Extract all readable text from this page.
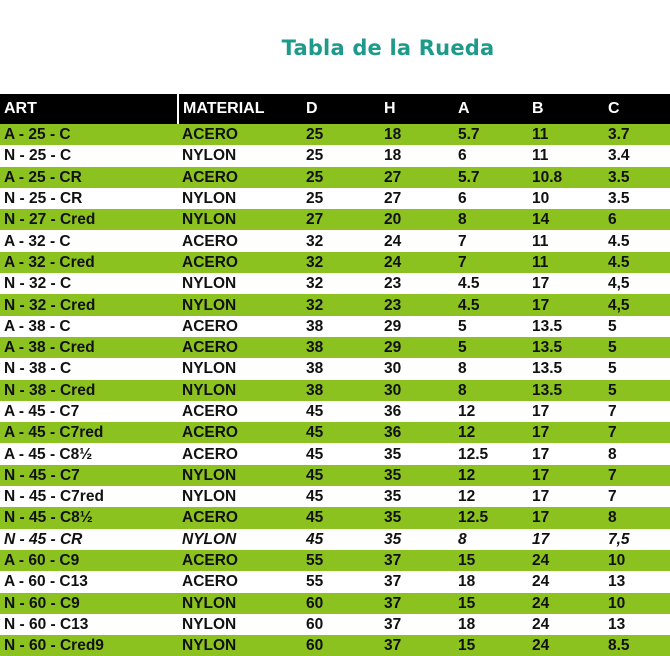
Tabla de la Rueda
ART	MATERIAL	D	H	A	B	C
A - 25 - C	ACERO	25	18	5.7	11	3.7
N - 25 - C	NYLON	25	18	6	11	3.4
A - 25 - CR	ACERO	25	27	5.7	10.8	3.5
N - 25 - CR	NYLON	25	27	6	10	3.5
N - 27 - Cred	NYLON	27	20	8	14	6
A - 32 - C	ACERO	32	24	7	11	4.5
A - 32 - Cred	ACERO	32	24	7	11	4.5
N - 32 - C	NYLON	32	23	4.5	17	4,5
N - 32 - Cred	NYLON	32	23	4.5	17	4,5
A - 38 - C	ACERO	38	29	5	13.5	5
A - 38 - Cred	ACERO	38	29	5	13.5	5
N - 38 - C	NYLON	38	30	8	13.5	5
N - 38 - Cred	NYLON	38	30	8	13.5	5
A - 45 - C7	ACERO	45	36	12	17	7
A - 45 - C7red	ACERO	45	36	12	17	7
A - 45 - C8½	ACERO	45	35	12.5	17	8
N - 45 - C7	NYLON	45	35	12	17	7
N - 45 - C7red	NYLON	45	35	12	17	7
N - 45 - C8½	ACERO	45	35	12.5	17	8
N - 45 - CR	NYLON	45	35	8	17	7,5
A - 60 - C9	ACERO	55	37	15	24	10
A - 60 - C13	ACERO	55	37	18	24	13
N - 60 - C9	NYLON	60	37	15	24	10
N - 60 - C13	NYLON	60	37	18	24	13
N - 60 - Cred9	NYLON	60	37	15	24	8.5
